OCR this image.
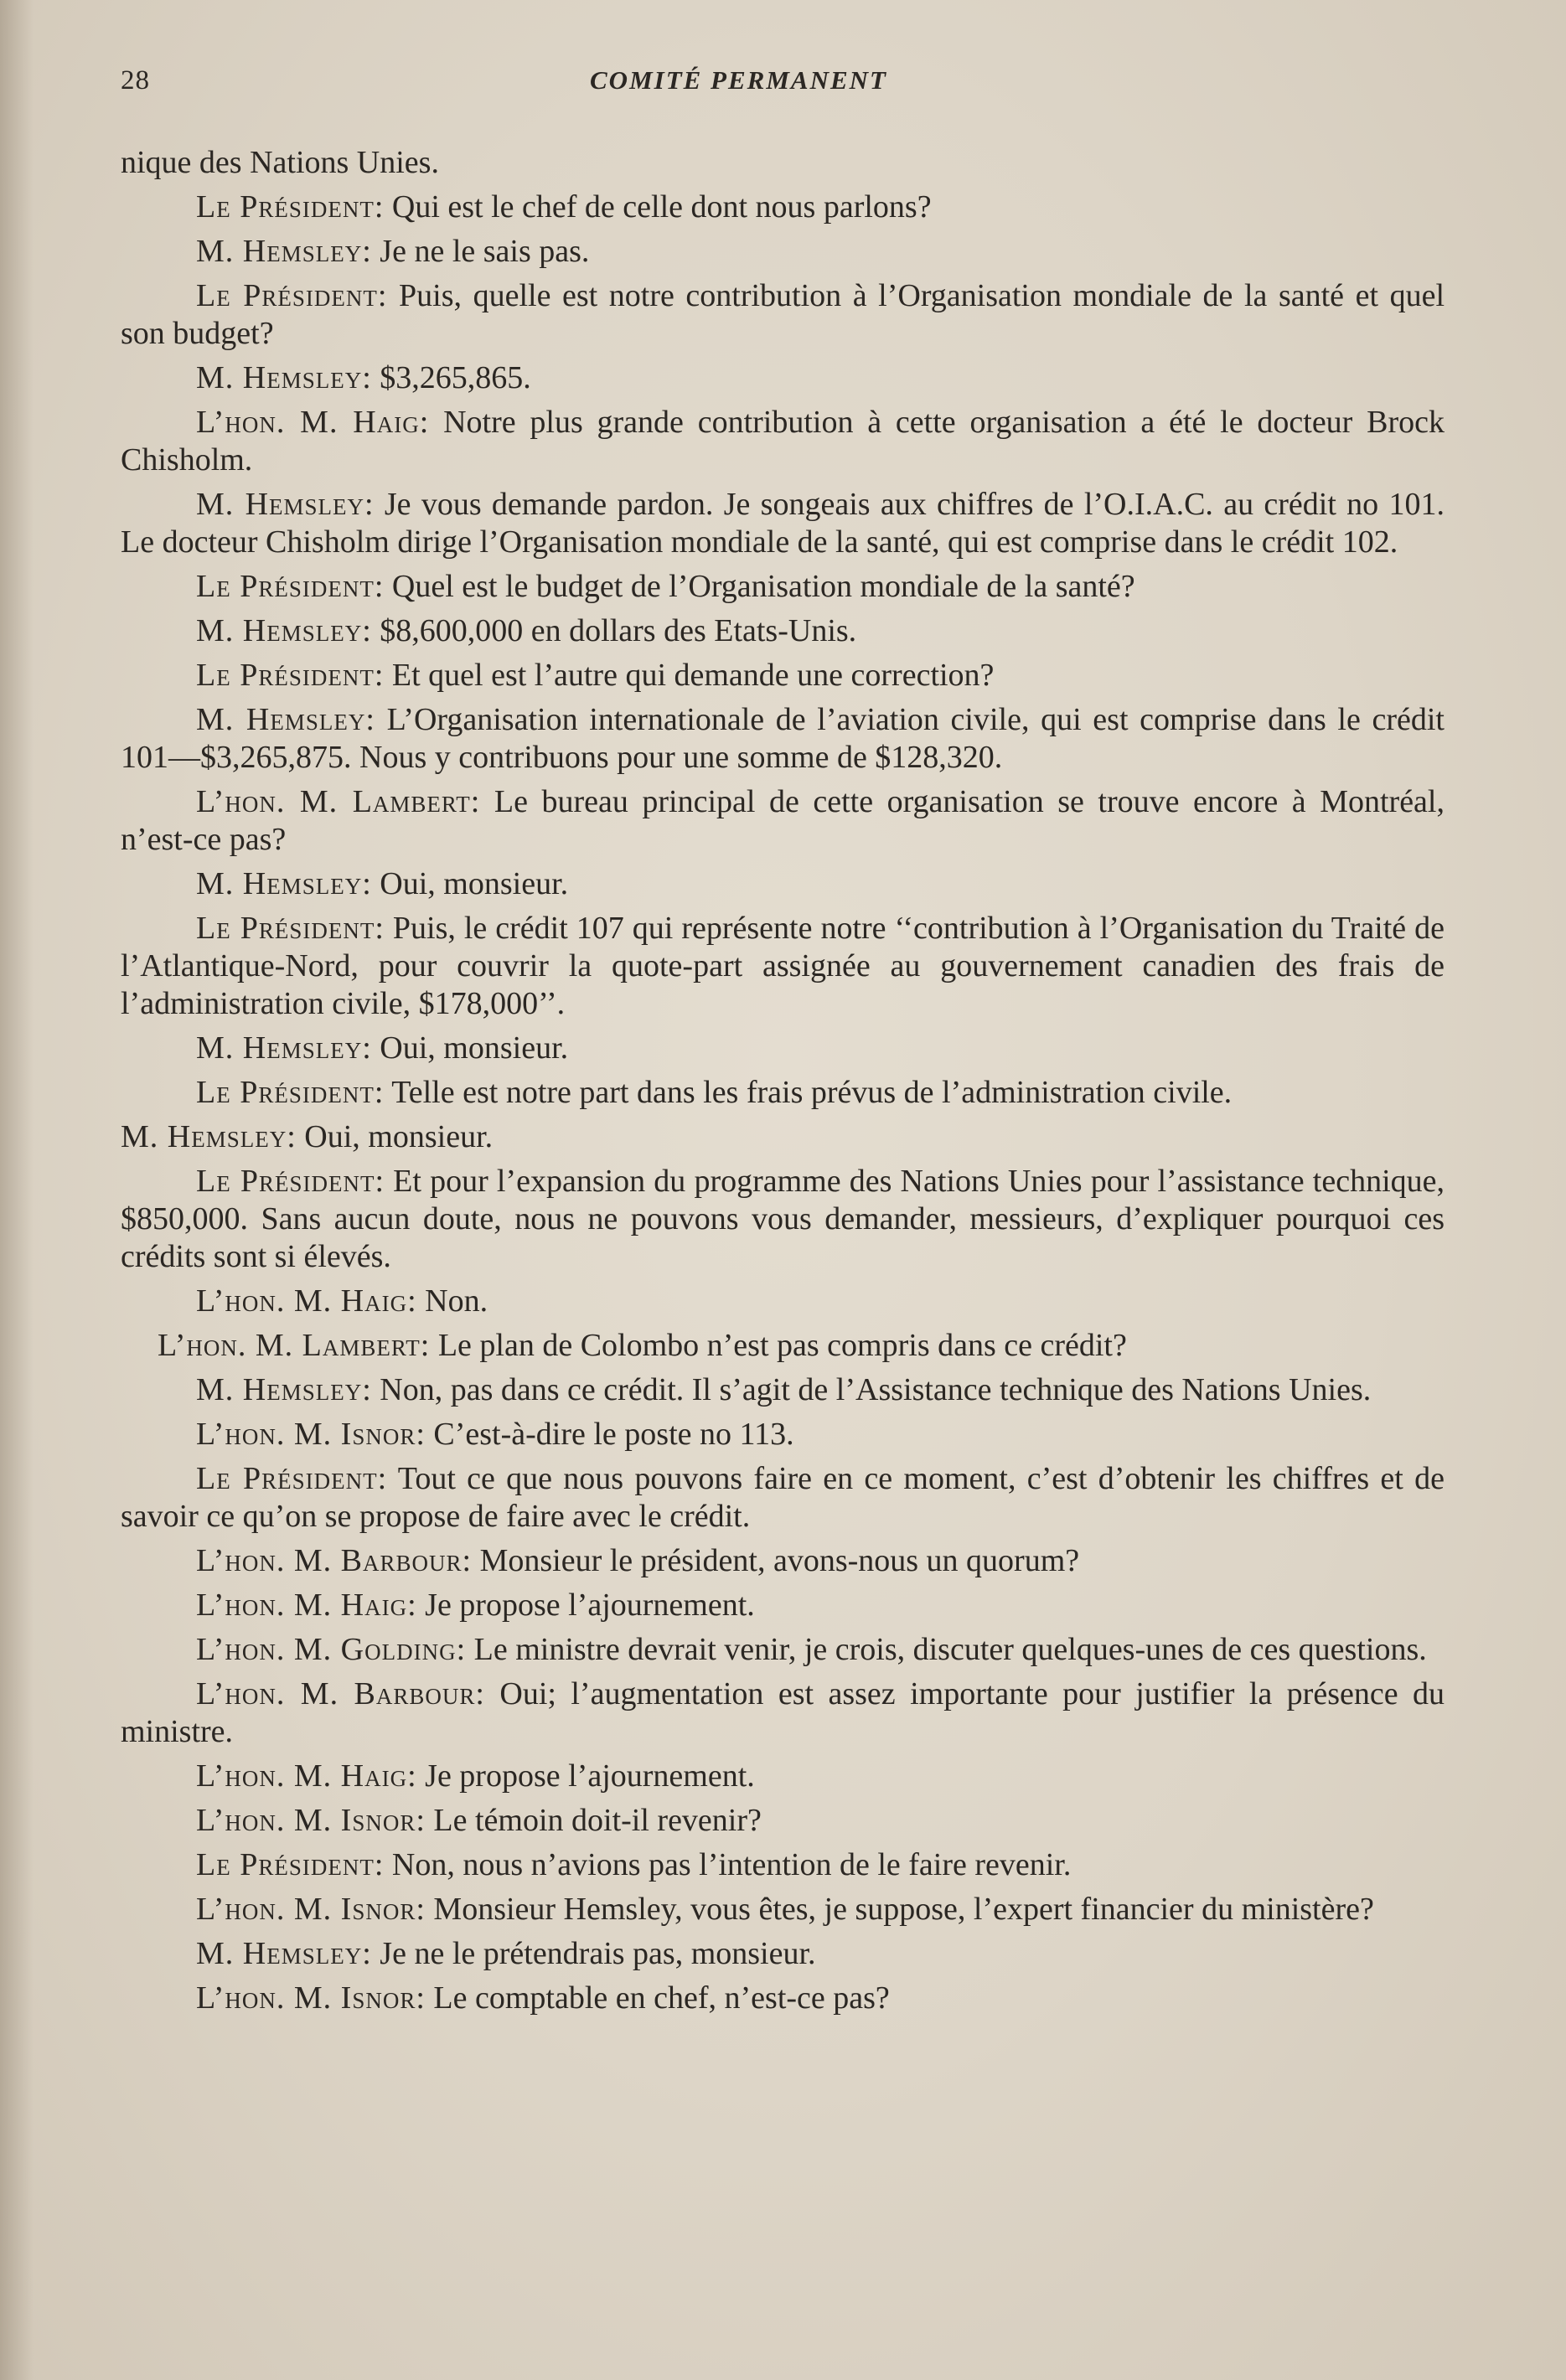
28	COMITÉ PERMANENT

nique des Nations Unies.

Le Président: Qui est le chef de celle dont nous parlons?

M. Hemsley: Je ne le sais pas.

Le Président: Puis, quelle est notre contribution à l’Organisation mondiale de la santé et quel son budget?

M. Hemsley: $3,265,865.

L’hon. M. Haig: Notre plus grande contribution à cette organisation a été le docteur Brock Chisholm.

M. Hemsley: Je vous demande pardon. Je songeais aux chiffres de l’O.I.A.C. au crédit no 101. Le docteur Chisholm dirige l’Organisation mondiale de la santé, qui est comprise dans le crédit 102.

Le Président: Quel est le budget de l’Organisation mondiale de la santé?

M. Hemsley: $8,600,000 en dollars des Etats-Unis.

Le Président: Et quel est l’autre qui demande une correction?

M. Hemsley: L’Organisation internationale de l’aviation civile, qui est comprise dans le crédit 101—$3,265,875. Nous y contribuons pour une somme de $128,320.

L’hon. M. Lambert: Le bureau principal de cette organisation se trouve encore à Montréal, n’est-ce pas?

M. Hemsley: Oui, monsieur.

Le Président: Puis, le crédit 107 qui représente notre ‘‘contribution à l’Organisation du Traité de l’Atlantique-Nord, pour couvrir la quote-part assignée au gouvernement canadien des frais de l’administration civile, $178,000’’.

M. Hemsley: Oui, monsieur.

Le Président: Telle est notre part dans les frais prévus de l’administration civile.

M. Hemsley: Oui, monsieur.

Le Président: Et pour l’expansion du programme des Nations Unies pour l’assistance technique, $850,000. Sans aucun doute, nous ne pouvons vous demander, messieurs, d’expliquer pourquoi ces crédits sont si élevés.

L’hon. M. Haig: Non.

L’hon. M. Lambert: Le plan de Colombo n’est pas compris dans ce crédit?

M. Hemsley: Non, pas dans ce crédit. Il s’agit de l’Assistance technique des Nations Unies.

L’hon. M. Isnor: C’est-à-dire le poste no 113.

Le Président: Tout ce que nous pouvons faire en ce moment, c’est d’obtenir les chiffres et de savoir ce qu’on se propose de faire avec le crédit.

L’hon. M. Barbour: Monsieur le président, avons-nous un quorum?

L’hon. M. Haig: Je propose l’ajournement.

L’hon. M. Golding: Le ministre devrait venir, je crois, discuter quelques-unes de ces questions.

L’hon. M. Barbour: Oui; l’augmentation est assez importante pour justifier la présence du ministre.

L’hon. M. Haig: Je propose l’ajournement.

L’hon. M. Isnor: Le témoin doit-il revenir?

Le Président: Non, nous n’avions pas l’intention de le faire revenir.

L’hon. M. Isnor: Monsieur Hemsley, vous êtes, je suppose, l’expert financier du ministère?

M. Hemsley: Je ne le prétendrais pas, monsieur.

L’hon. M. Isnor: Le comptable en chef, n’est-ce pas?
